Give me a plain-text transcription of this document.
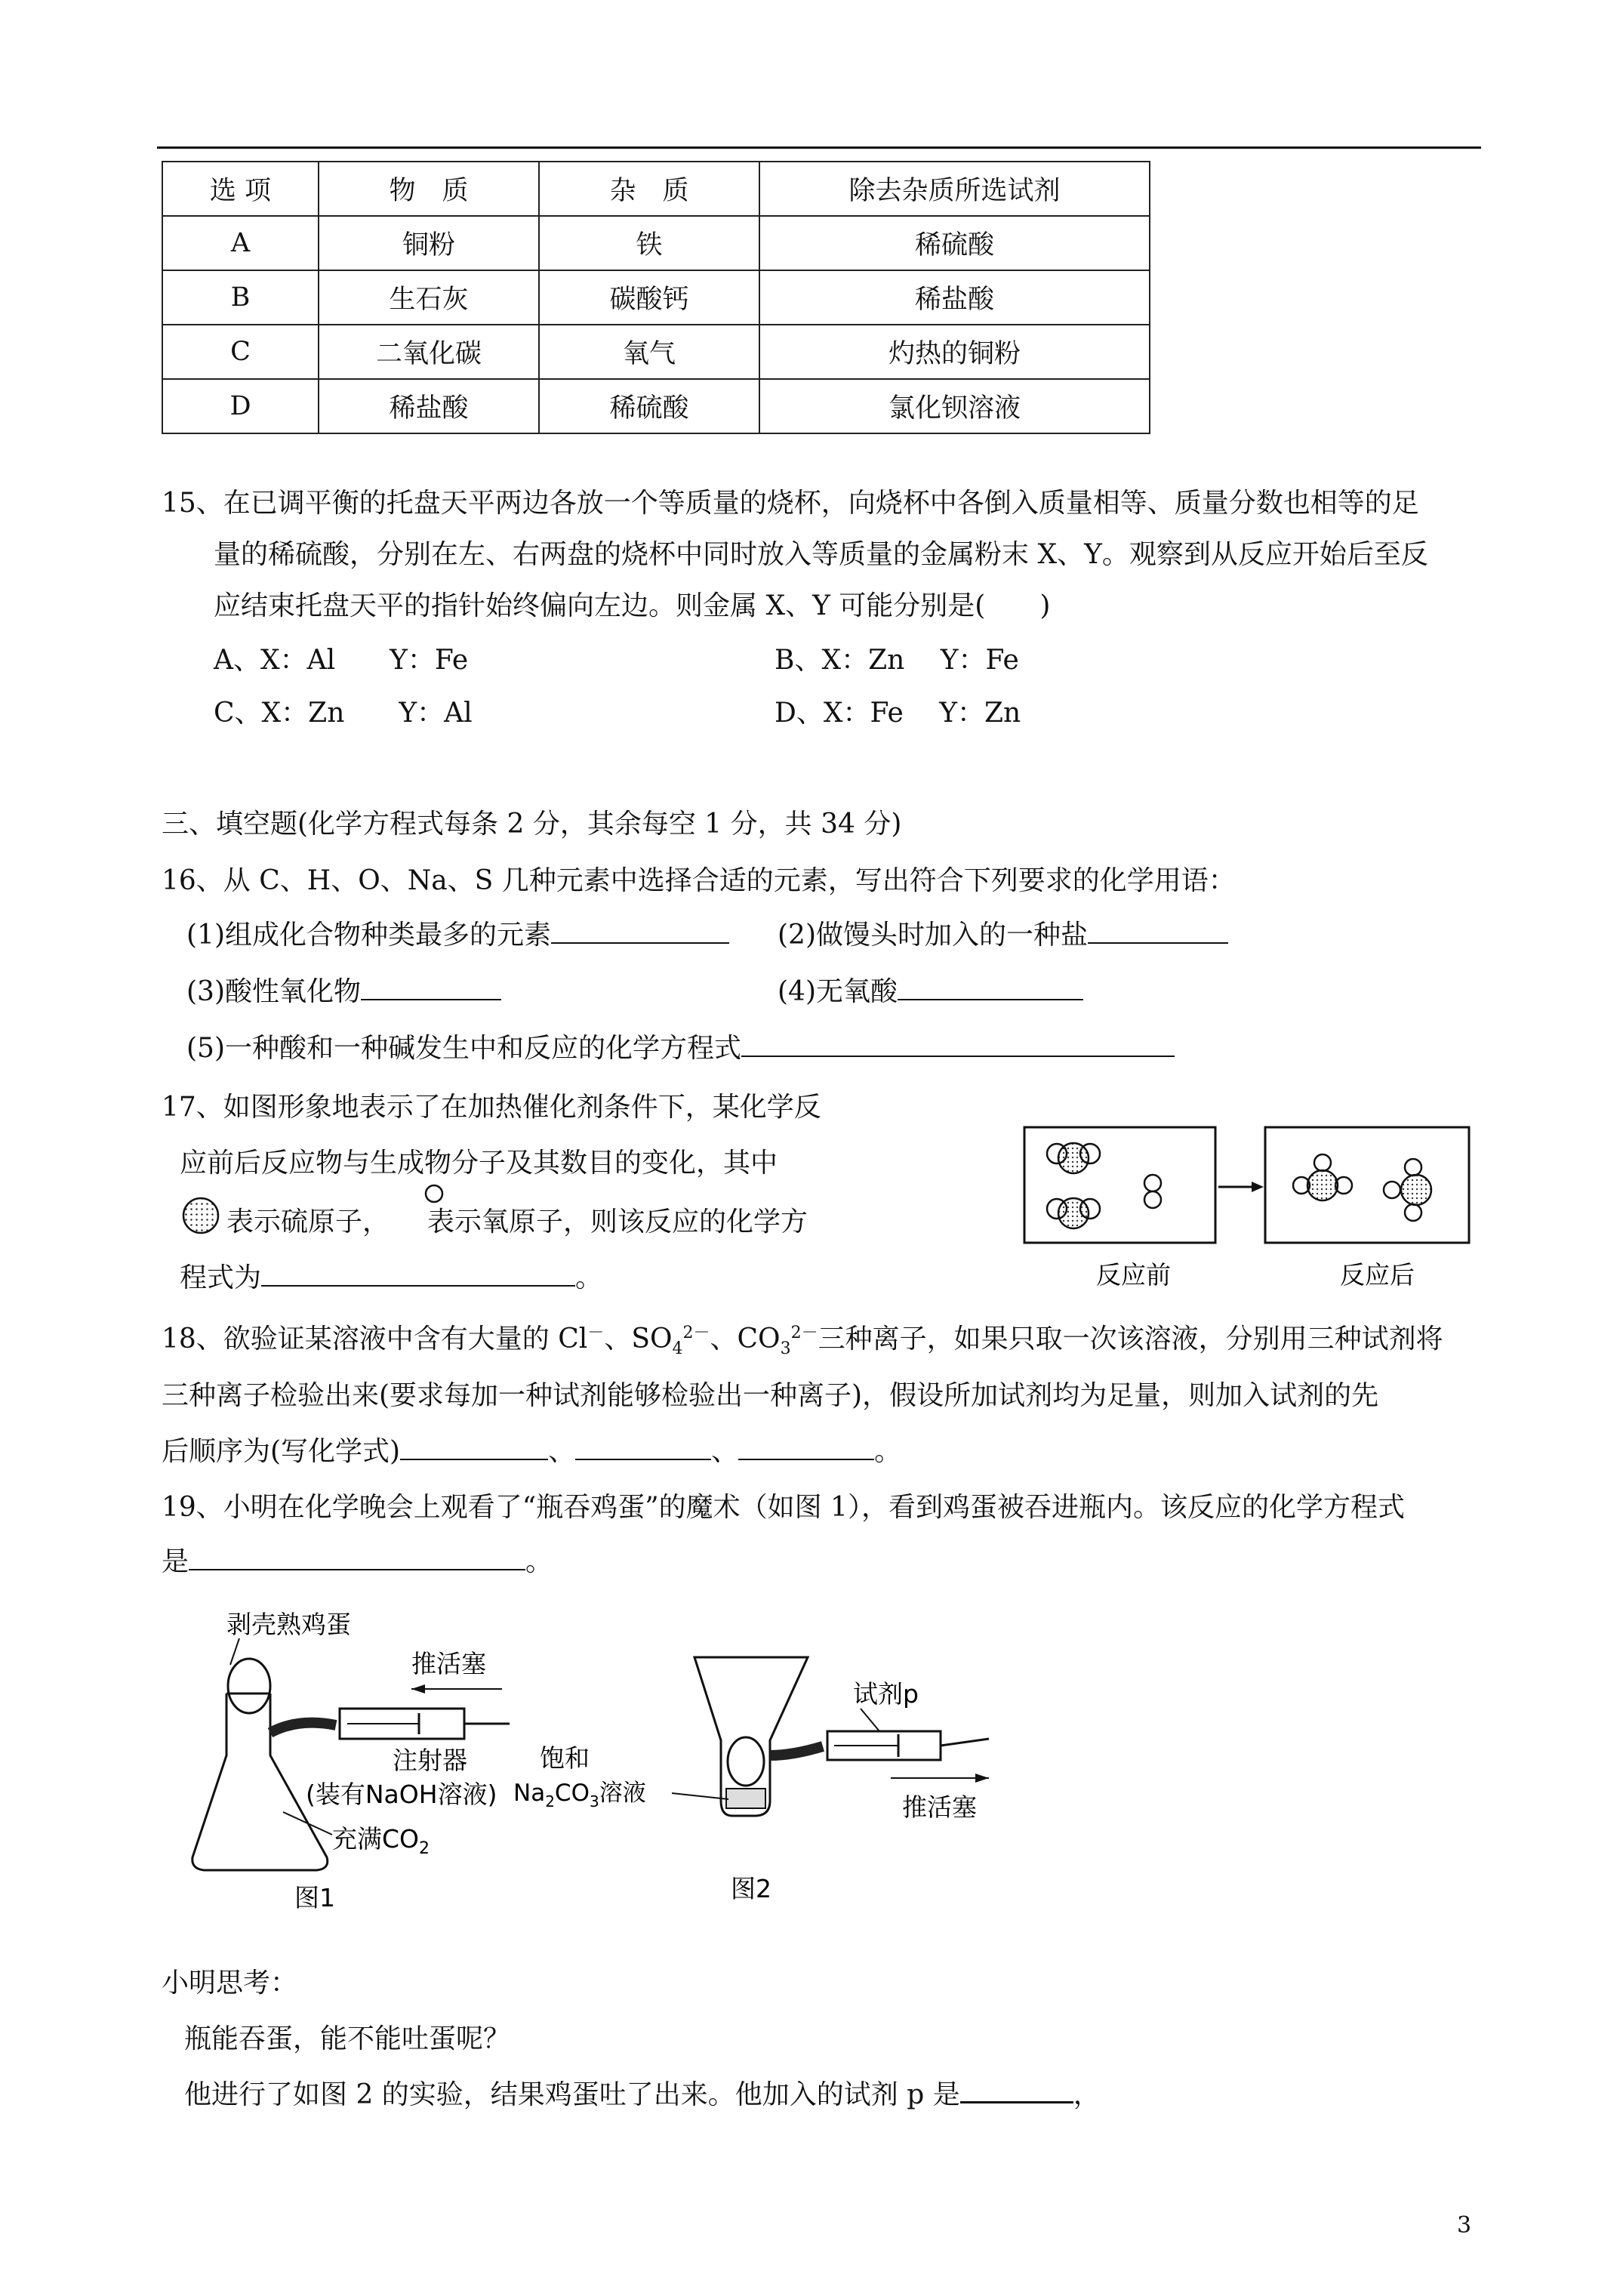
选 项	物　质	杂　质	除去杂质所选试剂
A	铜粉	铁	稀硫酸
B	生石灰	碳酸钙	稀盐酸
C	二氧化碳	氧气	灼热的铜粉
D	稀盐酸	稀硫酸	氯化钡溶液
15、在已调平衡的托盘天平两边各放一个等质量的烧杯，向烧杯中各倒入质量相等、质量分数也相等的足
量的稀硫酸，分别在左、右两盘的烧杯中同时放入等质量的金属粉末 X、Y。观察到从反应开始后至反
应结束托盘天平的指针始终偏向左边。则金属 X、Y 可能分别是(　　)
A、X：Al　　Y：Fe	B、X：Zn　 Y：Fe
C、X：Zn　　Y：Al	D、X：Fe　 Y：Zn
三、填空题(化学方程式每条 2 分，其余每空 1 分，共 34 分)
16、从 C、H、O、Na、S 几种元素中选择合适的元素，写出符合下列要求的化学用语：
(1)组成化合物种类最多的元素	(2)做馒头时加入的一种盐
(3)酸性氧化物	(4)无氧酸
(5)一种酸和一种碱发生中和反应的化学方程式
17、如图形象地表示了在加热催化剂条件下，某化学反
应前后反应物与生成物分子及其数目的变化，其中
表示硫原子， 表示氧原子，则该反应的化学方
程式为	。	反应前	反应后
18、欲验证某溶液中含有大量的 Cl－、$SO_4^{2-}$、$CO_3^{2-}$三种离子，如果只取一次该溶液，分别用三种试剂将
三种离子检验出来(要求每加一种试剂能够检验出一种离子)，假设所加试剂均为足量，则加入试剂的先
后顺序为(写化学式)	、	、	。
19、小明在化学晚会上观看了“瓶吞鸡蛋”的魔术（如图 1），看到鸡蛋被吞进瓶内。该反应的化学方程式
是	。
剥壳熟鸡蛋
推活塞
注射器
(装有NaOH溶液)
充满$CO_2$
图1
试剂p
饱和
$Na_2CO_3$溶液	推活塞
图2
小明思考：
瓶能吞蛋，能不能吐蛋呢？
他进行了如图 2 的实验，结果鸡蛋吐了出来。他加入的试剂 p 是	，
3
